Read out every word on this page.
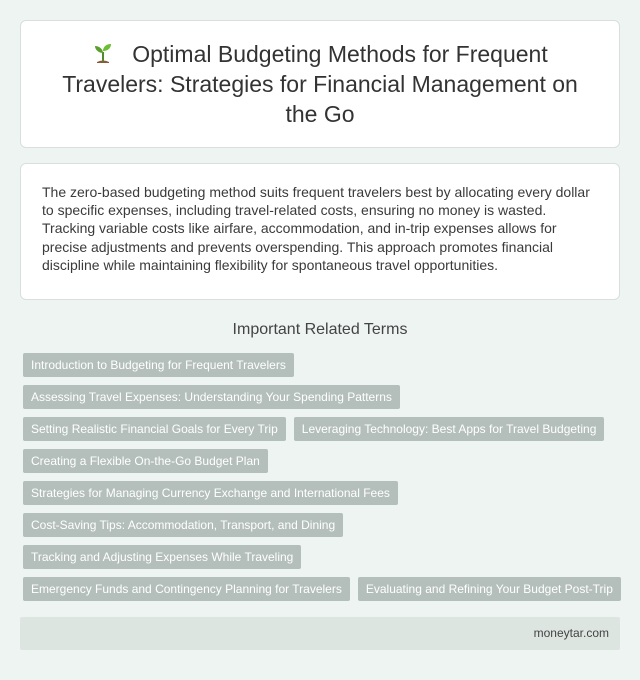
Optimal Budgeting Methods for Frequent Travelers: Strategies for Financial Management on the Go

The zero-based budgeting method suits frequent travelers best by allocating every dollar to specific expenses, including travel-related costs, ensuring no money is wasted. Tracking variable costs like airfare, accommodation, and in-trip expenses allows for precise adjustments and prevents overspending. This approach promotes financial discipline while maintaining flexibility for spontaneous travel opportunities.

Important Related Terms
Introduction to Budgeting for Frequent Travelers
Assessing Travel Expenses: Understanding Your Spending Patterns
Setting Realistic Financial Goals for Every Trip	Leveraging Technology: Best Apps for Travel Budgeting
Creating a Flexible On-the-Go Budget Plan
Strategies for Managing Currency Exchange and International Fees
Cost-Saving Tips: Accommodation, Transport, and Dining
Tracking and Adjusting Expenses While Traveling
Emergency Funds and Contingency Planning for Travelers	Evaluating and Refining Your Budget Post-Trip
moneytar.com
